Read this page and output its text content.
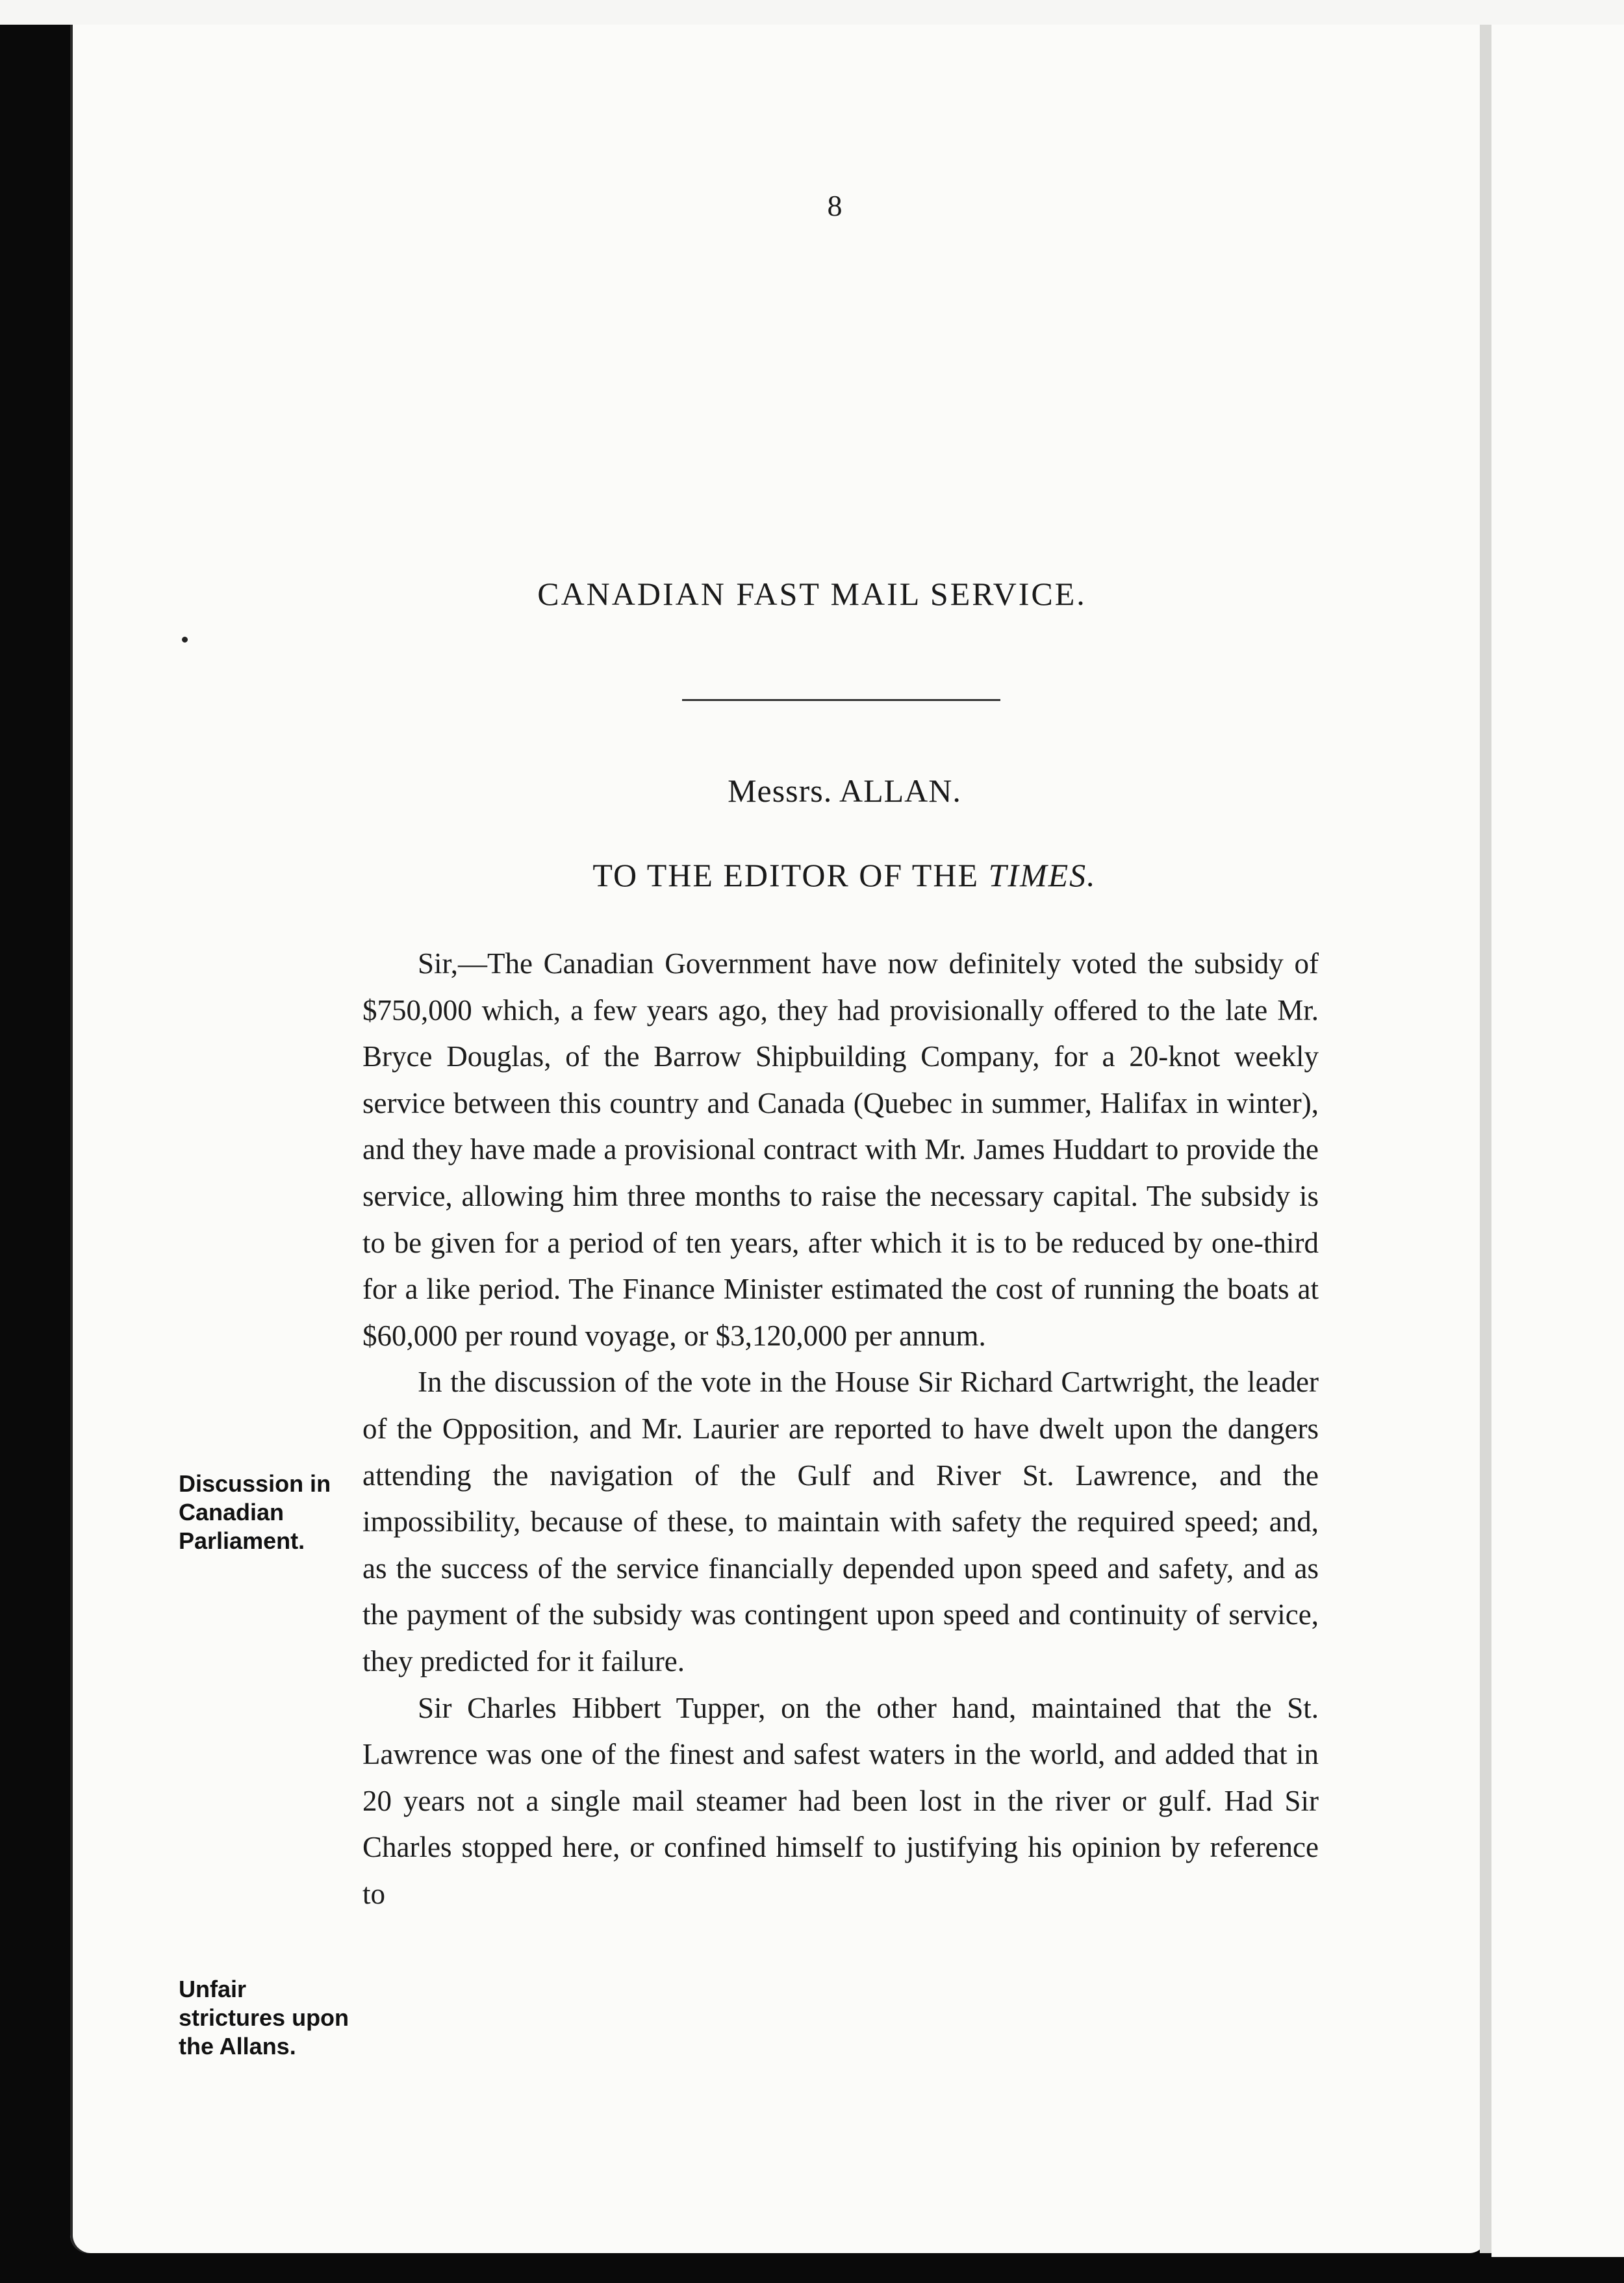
8
CANADIAN FAST MAIL SERVICE.
Messrs. ALLAN.
TO THE EDITOR OF THE TIMES.

Sir,—The Canadian Government have now definitely voted the subsidy of $750,000 which, a few years ago, they had provisionally offered to the late Mr. Bryce Douglas, of the Barrow Shipbuilding Company, for a 20-knot weekly service between this country and Canada (Quebec in summer, Halifax in winter), and they have made a provisional contract with Mr. James Huddart to provide the service, allowing him three months to raise the necessary capital. The subsidy is to be given for a period of ten years, after which it is to be reduced by one-third for a like period. The Finance Minister estimated the cost of running the boats at $60,000 per round voyage, or $3,120,000 per annum.

In the discussion of the vote in the House Sir Richard Cartwright, the leader of the Opposition, and Mr. Laurier are reported to have dwelt upon the dangers attending the navigation of the Gulf and River St. Lawrence, and the impossibility, because of these, to maintain with safety the required speed; and, as the success of the service financially depended upon speed and safety, and as the payment of the subsidy was contingent upon speed and continuity of service, they predicted for it failure.

Sir Charles Hibbert Tupper, on the other hand, maintained that the St. Lawrence was one of the finest and safest waters in the world, and added that in 20 years not a single mail steamer had been lost in the river or gulf. Had Sir Charles stopped here, or confined himself to justifying his opinion by reference to

Discussion in Canadian Parliament.
Unfair strictures upon the Allans.
